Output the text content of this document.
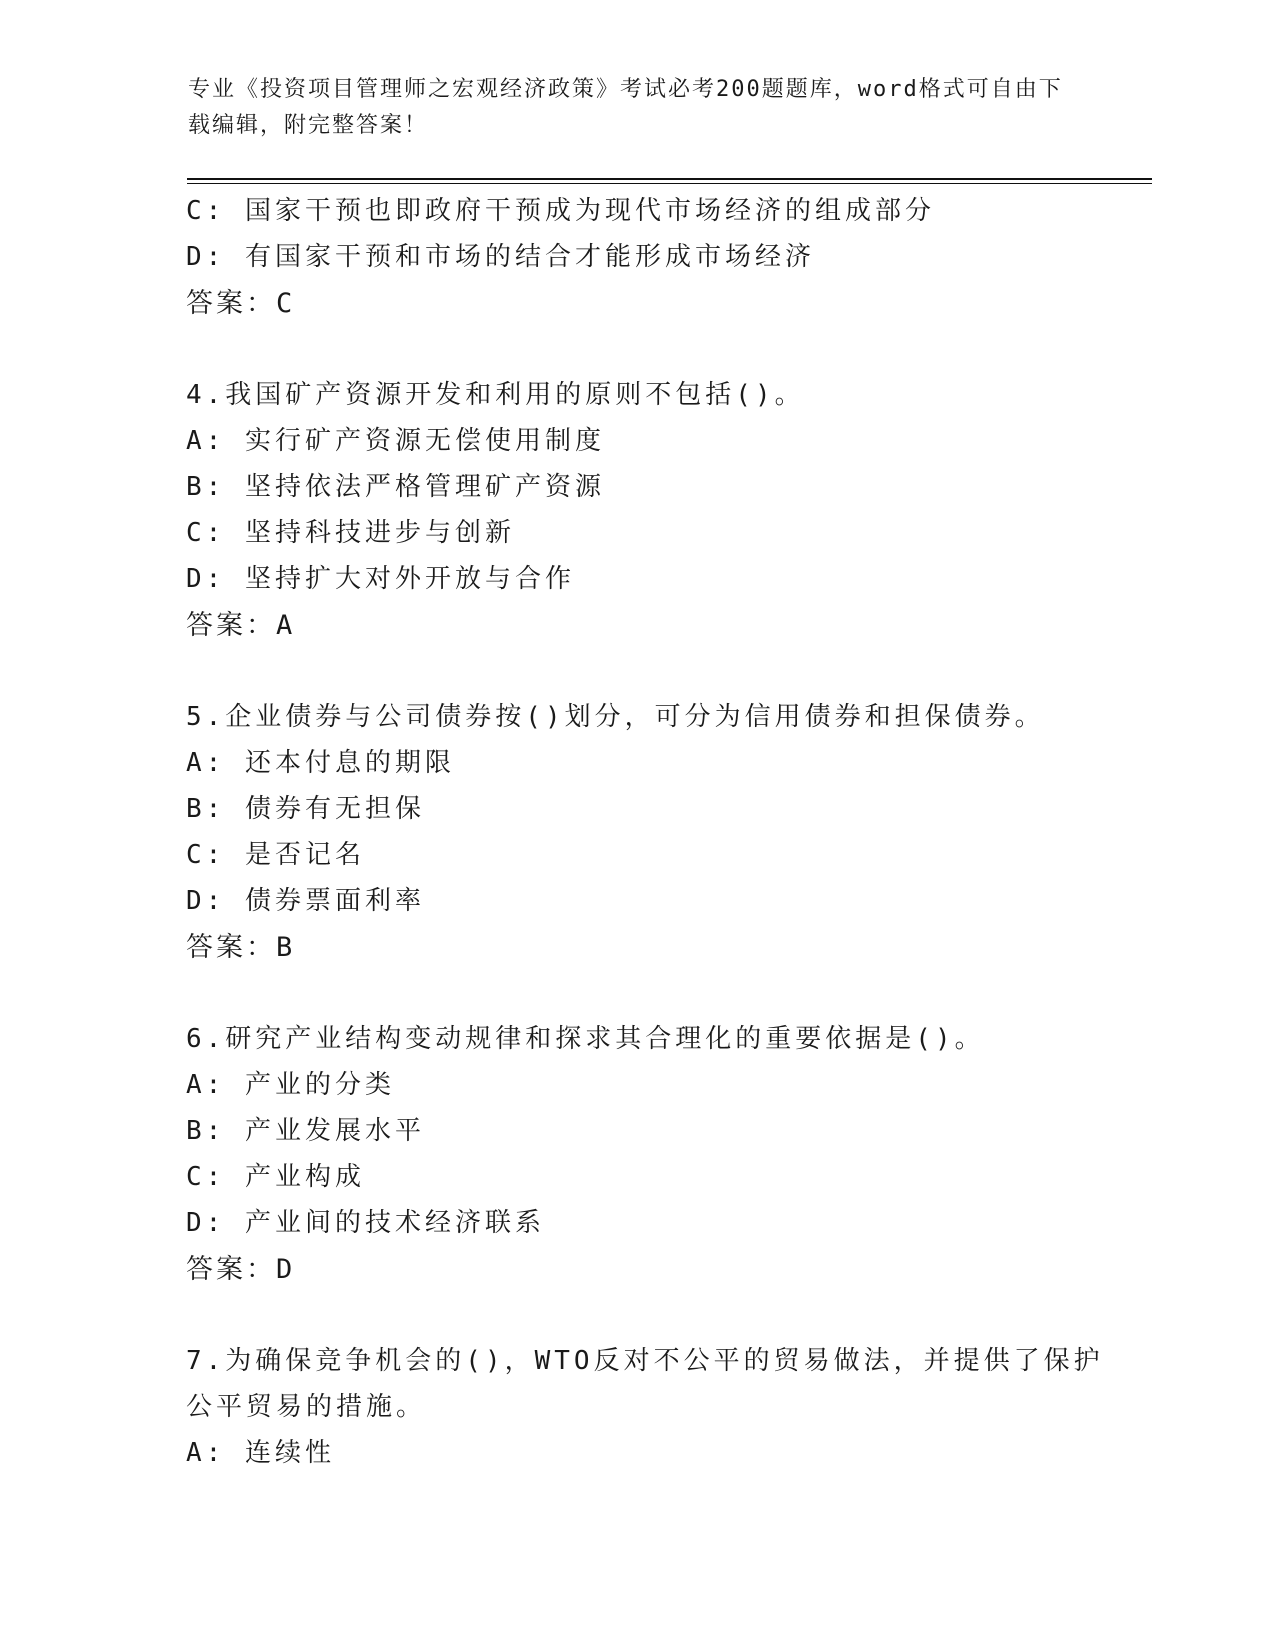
专业《投资项目管理师之宏观经济政策》考试必考200题题库，word格式可自由下载编辑，附完整答案！
C: 国家干预也即政府干预成为现代市场经济的组成部分
D: 有国家干预和市场的结合才能形成市场经济
答案：C
4.我国矿产资源开发和利用的原则不包括()。
A: 实行矿产资源无偿使用制度
B: 坚持依法严格管理矿产资源
C: 坚持科技进步与创新
D: 坚持扩大对外开放与合作
答案：A
5.企业债券与公司债券按()划分，可分为信用债券和担保债券。
A: 还本付息的期限
B: 债券有无担保
C: 是否记名
D: 债券票面利率
答案：B
6.研究产业结构变动规律和探求其合理化的重要依据是()。
A: 产业的分类
B: 产业发展水平
C: 产业构成
D: 产业间的技术经济联系
答案：D
7.为确保竞争机会的()，WTO反对不公平的贸易做法，并提供了保护公平贸易的措施。
A: 连续性
